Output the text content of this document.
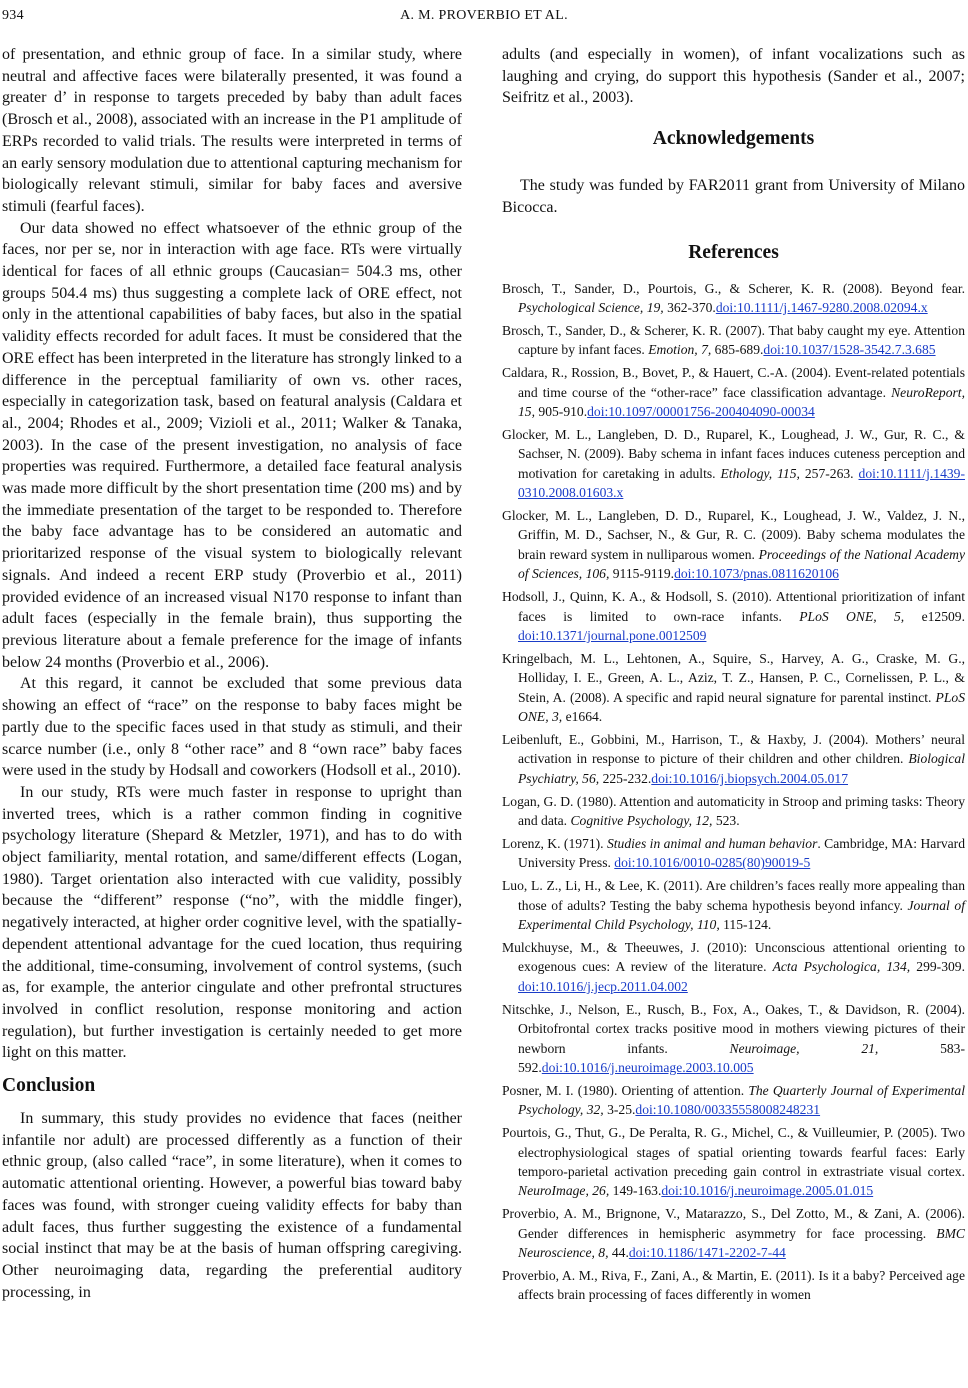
934	A. M. PROVERBIO ET AL.

of presentation, and ethnic group of face. In a similar study, where neutral and affective faces were bilaterally presented, it was found a greater d’ in response to targets preceded by baby than adult faces (Brosch et al., 2008), associated with an increase in the P1 amplitude of ERPs recorded to valid trials. The results were interpreted in terms of an early sensory modulation due to attentional capturing mechanism for biologically relevant stimuli, similar for baby faces and aversive stimuli (fearful faces).

Our data showed no effect whatsoever of the ethnic group of the faces, nor per se, nor in interaction with age face. RTs were virtually identical for faces of all ethnic groups (Caucasian= 504.3 ms, other groups 504.4 ms) thus suggesting a complete lack of ORE effect, not only in the attentional capabilities of baby faces, but also in the spatial validity effects recorded for adult faces. It must be considered that the ORE effect has been interpreted in the literature has strongly linked to a difference in the perceptual familiarity of own vs. other races, especially in categorization task, based on featural analysis (Caldara et al., 2004; Rhodes et al., 2009; Vizioli et al., 2011; Walker & Tanaka, 2003). In the case of the present investigation, no analysis of face properties was required. Furthermore, a detailed face featural analysis was made more difficult by the short presentation time (200 ms) and by the immediate presentation of the target to be responded to. Therefore the baby face advantage has to be considered an automatic and prioritarized response of the visual system to biologically relevant signals. And indeed a recent ERP study (Proverbio et al., 2011) provided evidence of an increased visual N170 response to infant than adult faces (especially in the female brain), thus supporting the previous literature about a female preference for the image of infants below 24 months (Proverbio et al., 2006).

At this regard, it cannot be excluded that some previous data showing an effect of “race” on the response to baby faces might be partly due to the specific faces used in that study as stimuli, and their scarce number (i.e., only 8 “other race” and 8 “own race” baby faces were used in the study by Hodsall and coworkers (Hodsoll et al., 2010).

In our study, RTs were much faster in response to upright than inverted trees, which is a rather common finding in cognitive psychology literature (Shepard & Metzler, 1971), and has to do with object familiarity, mental rotation, and same/different effects (Logan, 1980). Target orientation also interacted with cue validity, possibly because the “different” response (“no”, with the middle finger), negatively interacted, at higher order cognitive level, with the spatially-dependent attentional advantage for the cued location, thus requiring the additional, time-consuming, involvement of control systems, (such as, for example, the anterior cingulate and other prefrontal structures involved in conflict resolution, response monitoring and action regulation), but further investigation is certainly needed to get more light on this matter.

Conclusion

In summary, this study provides no evidence that faces (neither infantile nor adult) are processed differently as a function of their ethnic group, (also called “race”, in some literature), when it comes to automatic attentional orienting. However, a powerful bias toward baby faces was found, with stronger cueing validity effects for baby than adult faces, thus further suggesting the existence of a fundamental social instinct that may be at the basis of human offspring caregiving. Other neuroimaging data, regarding the preferential auditory processing, in

adults (and especially in women), of infant vocalizations such as laughing and crying, do support this hypothesis (Sander et al., 2007; Seifritz et al., 2003).

Acknowledgements

The study was funded by FAR2011 grant from University of Milano Bicocca.

References
Brosch, T., Sander, D., Pourtois, G., & Scherer, K. R. (2008). Beyond fear. Psychological Science, 19, 362-370.doi:10.1111/j.1467-9280.2008.02094.x
Brosch, T., Sander, D., & Scherer, K. R. (2007). That baby caught my eye. Attention capture by infant faces. Emotion, 7, 685-689.doi:10.1037/1528-3542.7.3.685
Caldara, R., Rossion, B., Bovet, P., & Hauert, C.-A. (2004). Event-related potentials and time course of the “other-race” face classification advantage. NeuroReport, 15, 905-910.doi:10.1097/00001756-200404090-00034
Glocker, M. L., Langleben, D. D., Ruparel, K., Loughead, J. W., Gur, R. C., & Sachser, N. (2009). Baby schema in infant faces induces cuteness perception and motivation for caretaking in adults. Ethology, 115, 257-263. doi:10.1111/j.1439-0310.2008.01603.x
Glocker, M. L., Langleben, D. D., Ruparel, K., Loughead, J. W., Valdez, J. N., Griffin, M. D., Sachser, N., & Gur, R. C. (2009). Baby schema modulates the brain reward system in nulliparous women. Proceedings of the National Academy of Sciences, 106, 9115-9119.doi:10.1073/pnas.0811620106
Hodsoll, J., Quinn, K. A., & Hodsoll, S. (2010). Attentional prioritization of infant faces is limited to own-race infants. PLoS ONE, 5, e12509. doi:10.1371/journal.pone.0012509
Kringelbach, M. L., Lehtonen, A., Squire, S., Harvey, A. G., Craske, M. G., Holliday, I. E., Green, A. L., Aziz, T. Z., Hansen, P. C., Cornelissen, P. L., & Stein, A. (2008). A specific and rapid neural signature for parental instinct. PLoS ONE, 3, e1664.
Leibenluft, E., Gobbini, M., Harrison, T., & Haxby, J. (2004). Mothers’ neural activation in response to picture of their children and other children. Biological Psychiatry, 56, 225-232.doi:10.1016/j.biopsych.2004.05.017
Logan, G. D. (1980). Attention and automaticity in Stroop and priming tasks: Theory and data. Cognitive Psychology, 12, 523.
Lorenz, K. (1971). Studies in animal and human behavior. Cambridge, MA: Harvard University Press. doi:10.1016/0010-0285(80)90019-5
Luo, L. Z., Li, H., & Lee, K. (2011). Are children’s faces really more appealing than those of adults? Testing the baby schema hypothesis beyond infancy. Journal of Experimental Child Psychology, 110, 115-124.
Mulckhuyse, M., & Theeuwes, J. (2010): Unconscious attentional orienting to exogenous cues: A review of the literature. Acta Psychologica, 134, 299-309. doi:10.1016/j.jecp.2011.04.002
Nitschke, J., Nelson, E., Rusch, B., Fox, A., Oakes, T., & Davidson, R. (2004). Orbitofrontal cortex tracks positive mood in mothers viewing pictures of their newborn infants. Neuroimage, 21, 583-592.doi:10.1016/j.neuroimage.2003.10.005
Posner, M. I. (1980). Orienting of attention. The Quarterly Journal of Experimental Psychology, 32, 3-25.doi:10.1080/00335558008248231
Pourtois, G., Thut, G., De Peralta, R. G., Michel, C., & Vuilleumier, P. (2005). Two electrophysiological stages of spatial orienting towards fearful faces: Early temporo-parietal activation preceding gain control in extrastriate visual cortex. NeuroImage, 26, 149-163.doi:10.1016/j.neuroimage.2005.01.015
Proverbio, A. M., Brignone, V., Matarazzo, S., Del Zotto, M., & Zani, A. (2006). Gender differences in hemispheric asymmetry for face processing. BMC Neuroscience, 8, 44.doi:10.1186/1471-2202-7-44
Proverbio, A. M., Riva, F., Zani, A., & Martin, E. (2011). Is it a baby? Perceived age affects brain processing of faces differently in women
